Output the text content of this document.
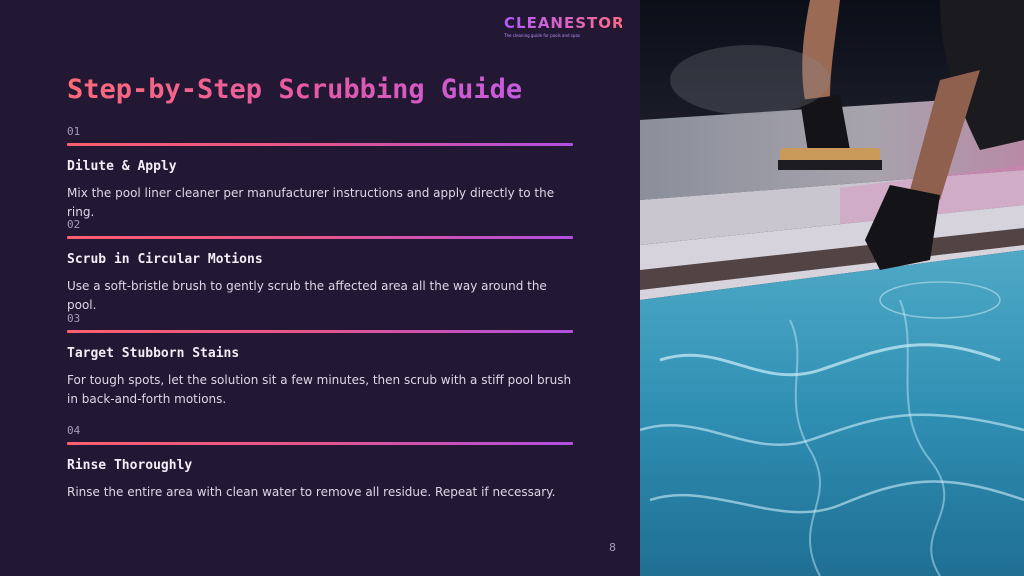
CLEANESTOR
The cleaning guide for pools and spas
Step-by-Step Scrubbing Guide
01
Dilute & Apply
Mix the pool liner cleaner per manufacturer instructions and apply directly to the ring.
02
Scrub in Circular Motions
Use a soft-bristle brush to gently scrub the affected area all the way around the pool.
03
Target Stubborn Stains
For tough spots, let the solution sit a few minutes, then scrub with a stiff pool brush in back-and-forth motions.
04
Rinse Thoroughly
Rinse the entire area with clean water to remove all residue. Repeat if necessary.
8
